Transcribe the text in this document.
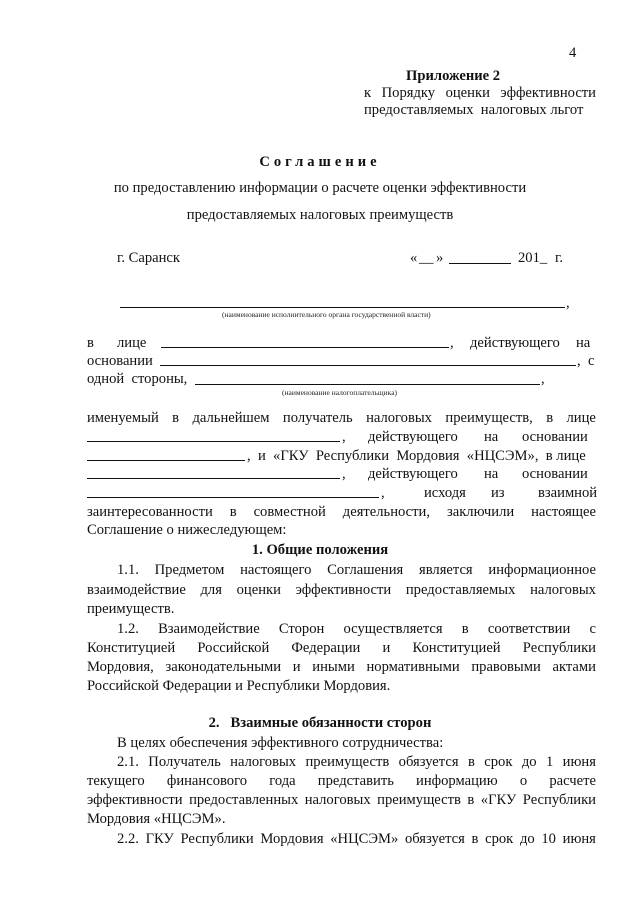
4
Приложение 2
к Порядку оценки эффективности
предоставляемых  налоговых льгот
Соглашение
по предоставлению информации о расчете оценки эффективности
предоставляемых налоговых преимуществ
г. Саранск	« __ »	201_ г.
,
(наименование исполнительного органа государственной власти)
в лице	, действующего на
основании	, с
одной  стороны,	,
(наименование налогоплательщика)
именуемый в дальнейшем получатель налоговых преимуществ, в лице
, действующего на основании
,  и  «ГКУ  Республики  Мордовия  «НЦСЭМ»,  в лице
, действующего на основании
,	исходя из взаимной
заинтересованности в совместной деятельности, заключили настоящее
Соглашение о нижеследующем:
1. Общие положения
1.1. Предметом настоящего Соглашения является информационное
взаимодействие для оценки эффективности предоставляемых налоговых
преимуществ.
1.2. Взаимодействие Сторон осуществляется в соответствии с
Конституцией Российской Федерации и Конституцией Республики
Мордовия, законодательными и иными нормативными правовыми актами
Российской Федерации и Республики Мордовия.
2.   Взаимные обязанности сторон
В целях обеспечения эффективного сотрудничества:
2.1. Получатель налоговых преимуществ обязуется в срок до 1 июня
текущего финансового года представить информацию о расчете
эффективности предоставленных налоговых преимуществ в «ГКУ Республики
Мордовия «НЦСЭМ».
2.2. ГКУ Республики Мордовия «НЦСЭМ» обязуется в срок до 10 июня
